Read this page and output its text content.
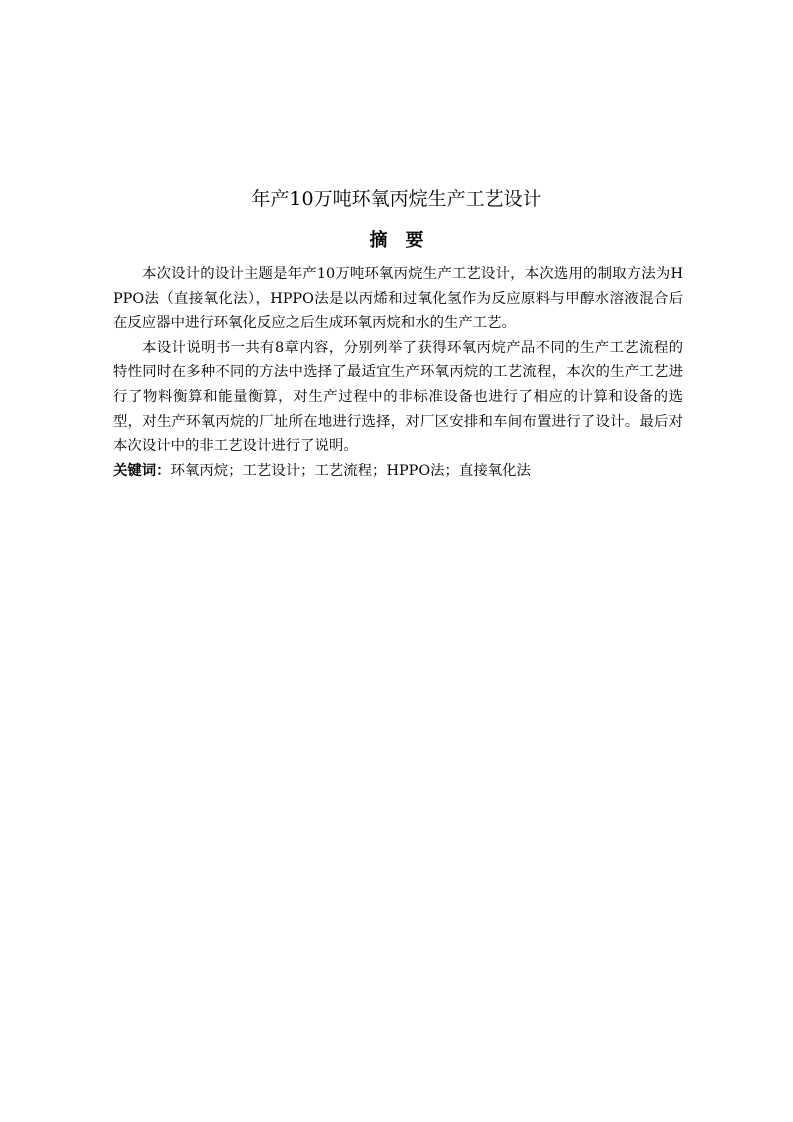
年产10万吨环氧丙烷生产工艺设计
摘要

本次设计的设计主题是年产10万吨环氧丙烷生产工艺设计，本次选用的制取方法为HPPO法（直接氧化法），HPPO法是以丙烯和过氧化氢作为反应原料与甲醇水溶液混合后在反应器中进行环氧化反应之后生成环氧丙烷和水的生产工艺。

本设计说明书一共有8章内容，分别列举了获得环氧丙烷产品不同的生产工艺流程的特性同时在多种不同的方法中选择了最适宜生产环氧丙烷的工艺流程，本次的生产工艺进行了物料衡算和能量衡算，对生产过程中的非标准设备也进行了相应的计算和设备的选型，对生产环氧丙烷的厂址所在地进行选择，对厂区安排和车间布置进行了设计。最后对本次设计中的非工艺设计进行了说明。

关键词：环氧丙烷；工艺设计；工艺流程；HPPO法；直接氧化法
